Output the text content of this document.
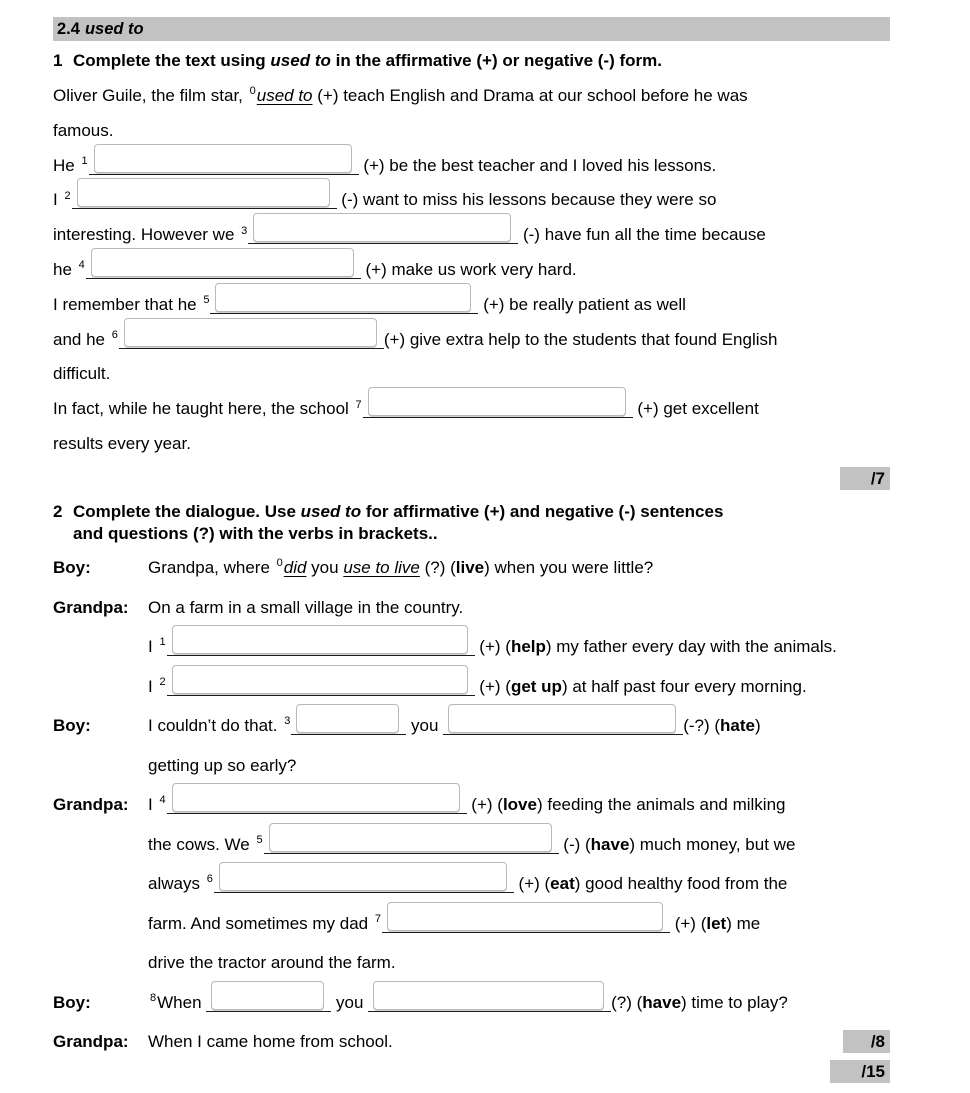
2.4 used to
1 Complete the text using used to in the affirmative (+) or negative (-) form.
Oliver Guile, the film star, $^0$used to (+) teach English and Drama at our school before he was
famous.
He $^1$	(+) be the best teacher and I loved his lessons.
I $^2$	(-) want to miss his lessons because they were so
interesting. However we $^3$	(-) have fun all the time because
he $^4$	(+) make us work very hard.
I remember that he $^5$	(+) be really patient as well
and he $^6$	(+) give extra help to the students that found English
difficult.
In fact, while he taught here, the school $^7$	(+) get excellent
results every year.
/7
2 Complete the dialogue. Use used to for affirmative (+) and negative (-) sentences
and questions (?) with the verbs in brackets..
Boy:	Grandpa, where $^0$did you use to live (?) (live) when you were little?
Grandpa:	On a farm in a small village in the country.
I $^1$	(+) (help) my father every day with the animals.
I $^2$	(+) (get up) at half past four every morning.
Boy:	I couldn’t do that. $^3$	you	(-?) (hate)
getting up so early?
Grandpa:	I $^4$	(+) (love) feeding the animals and milking
the cows. We $^5$	(-) (have) much money, but we
always $^6$	(+) (eat) good healthy food from the
farm. And sometimes my dad $^7$	(+) (let) me
drive the tractor around the farm.
Boy:	$^8$When	you	(?) (have) time to play?
Grandpa:	When I came home from school.	/8
/15
